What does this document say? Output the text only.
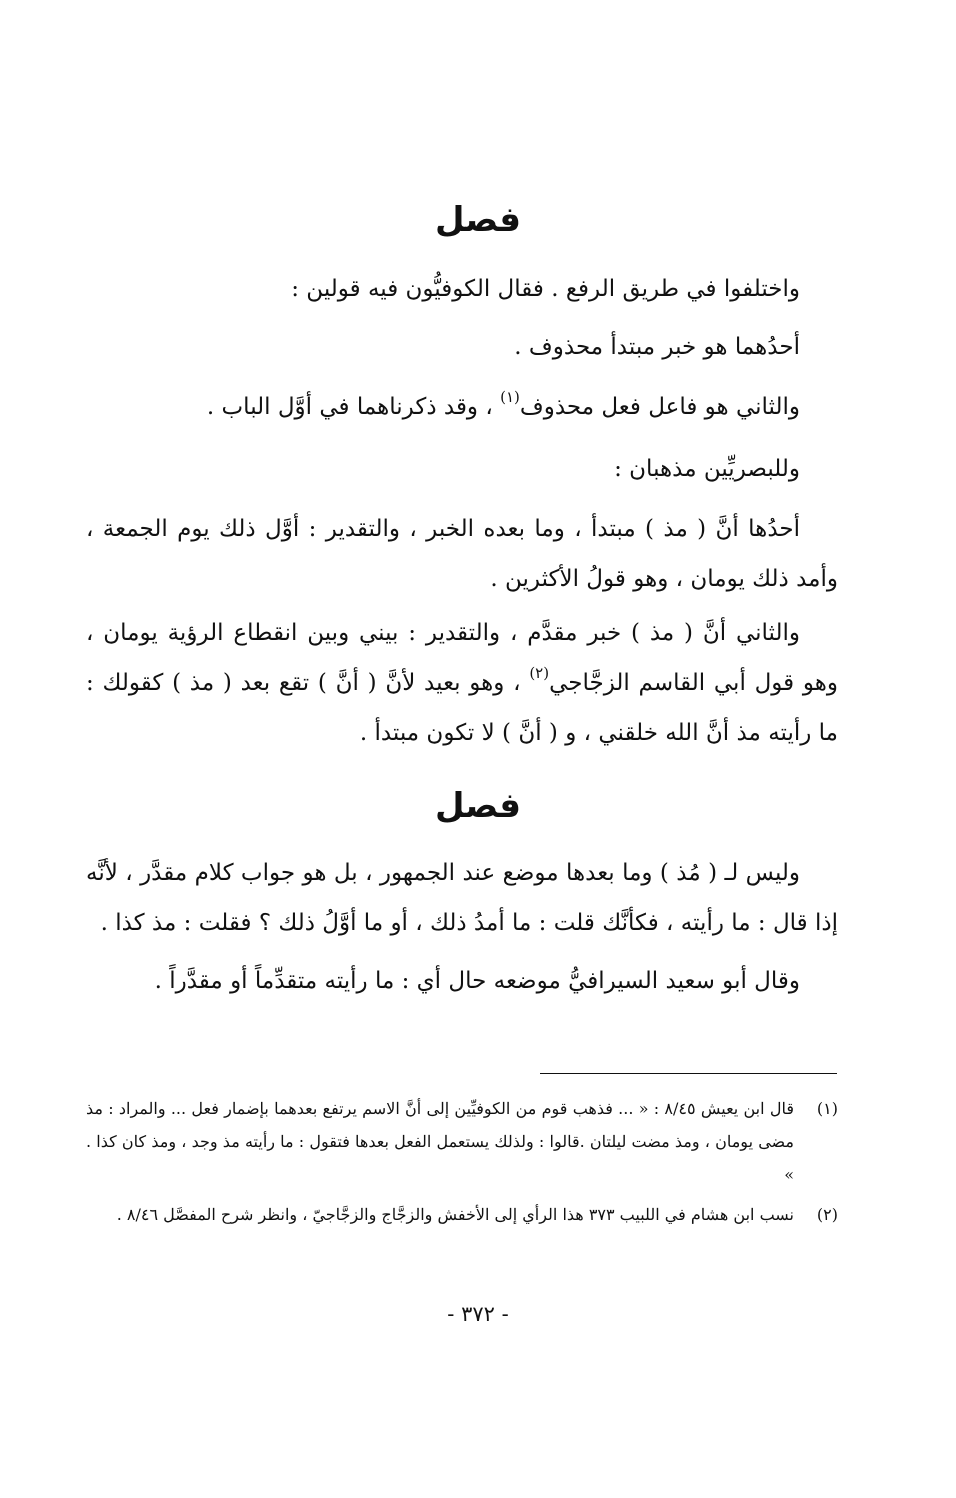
فصل
واختلفوا في طريق الرفع . فقال الكوفيُّون فيه قولين :
أحدُهما هو خبر مبتدأ محذوف .
والثاني هو فاعل فعل محذوف$^{(١)}$ ، وقد ذكرناهما في أوَّل الباب .
وللبصريِّين مذهبان :
أحدُها أنَّ ( مذ ) مبتدأ ، وما بعده الخبر ، والتقدير : أوَّل ذلك يوم الجمعة ، وأمد ذلك يومان ، وهو قولُ الأكثرين .
والثاني أنَّ ( مذ ) خبر مقدَّم ، والتقدير : بيني وبين انقطاع الرؤية يومان ، وهو قول أبي القاسم الزجَّاجي$^{(٢)}$ ، وهو بعيد لأنَّ ( أنَّ ) تقع بعد ( مذ ) كقولك : ما رأيته مذ أنَّ الله خلقني ، و ( أنَّ ) لا تكون مبتدأ .
فصل
وليس لـ ( مُذ ) وما بعدها موضع عند الجمهور ، بل هو جواب كلام مقدَّر ، لأنَّه إذا قال : ما رأيته ، فكأنَّك قلت : ما أمدُ ذلك ، أو ما أوَّلُ ذلك ؟ فقلت : مذ كذا .
وقال أبو سعيد السيرافيُّ موضعه حال أي : ما رأيته متقدِّماً أو مقدَّراً .
(١)
قال ابن يعيش ٨/٤٥ : « ... فذهب قوم من الكوفيِّين إلى أنَّ الاسم يرتفع بعدهما بإضمار فعل ... والمراد : مذ مضى يومان ، ومذ مضت ليلتان .قالوا : ولذلك يستعمل الفعل بعدها فتقول : ما رأيته مذ وجد ، ومذ كان كذا . »
(٢)
نسب ابن هشام في اللبيب ٣٧٣ هذا الرأي إلى الأخفش والزجَّاج والزجَّاجيّ ، وانظر شرح المفصَّل ٨/٤٦ .
- ٣٧٢ -
